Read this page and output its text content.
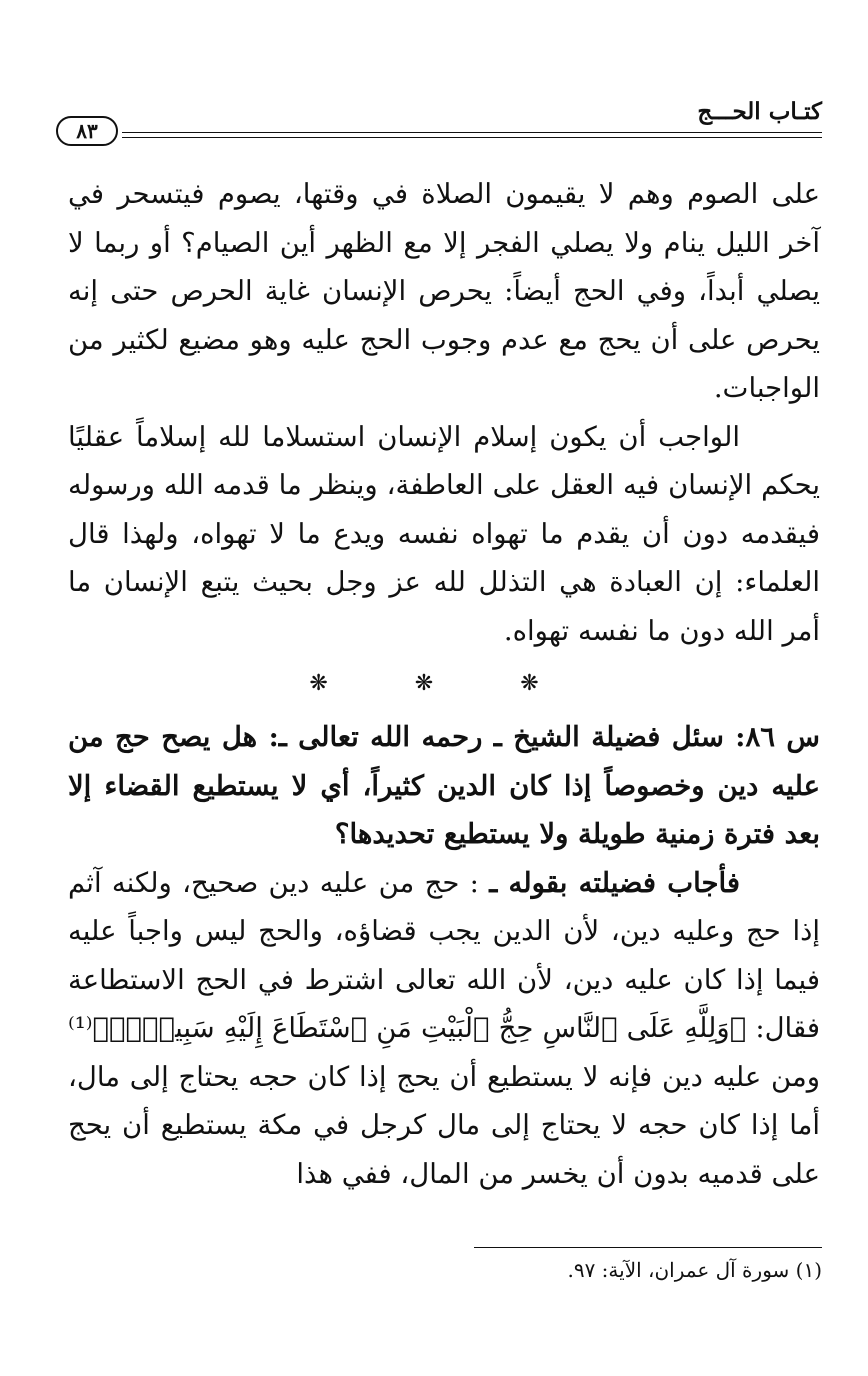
كتـاب الحـــج
٨٣

على الصوم وهم لا يقيمون الصلاة في وقتها، يصوم فيتسحر في آخر الليل ينام ولا يصلي الفجر إلا مع الظهر أين الصيام؟ أو ربما لا يصلي أبداً، وفي الحج أيضاً: يحرص الإنسان غاية الحرص حتى إنه يحرص على أن يحج مع عدم وجوب الحج عليه وهو مضيع لكثير من الواجبات.

الواجب أن يكون إسلام الإنسان استسلاما لله إسلاماً عقليًا يحكم الإنسان فيه العقل على العاطفة، وينظر ما قدمه الله ورسوله فيقدمه دون أن يقدم ما تهواه نفسه ويدع ما لا تهواه، ولهذا قال العلماء: إن العبادة هي التذلل لله عز وجل بحيث يتبع الإنسان ما أمر الله دون ما نفسه تهواه.

❋ ❋ ❋

س ٨٦: سئل فضيلة الشيخ ـ رحمه الله تعالى ـ: هل يصح حج من عليه دين وخصوصاً إذا كان الدين كثيراً، أي لا يستطيع القضاء إلا بعد فترة زمنية طويلة ولا يستطيع تحديدها؟

فأجاب فضيلته بقوله ـ : حج من عليه دين صحيح، ولكنه آثم إذا حج وعليه دين، لأن الدين يجب قضاؤه، والحج ليس واجباً عليه فيما إذا كان عليه دين، لأن الله تعالى اشترط في الحج الاستطاعة فقال: ﴿وَلِلَّهِ عَلَى ٱلنَّاسِ حِجُّ ٱلْبَيْتِ مَنِ ٱسْتَطَاعَ إِلَيْهِ سَبِيلًاۚ﴾⁽¹⁾ ومن عليه دين فإنه لا يستطيع أن يحج إذا كان حجه يحتاج إلى مال، أما إذا كان حجه لا يحتاج إلى مال كرجل في مكة يستطيع أن يحج على قدميه بدون أن يخسر من المال، ففي هذا

(١) سورة آل عمران، الآية: ٩٧.
